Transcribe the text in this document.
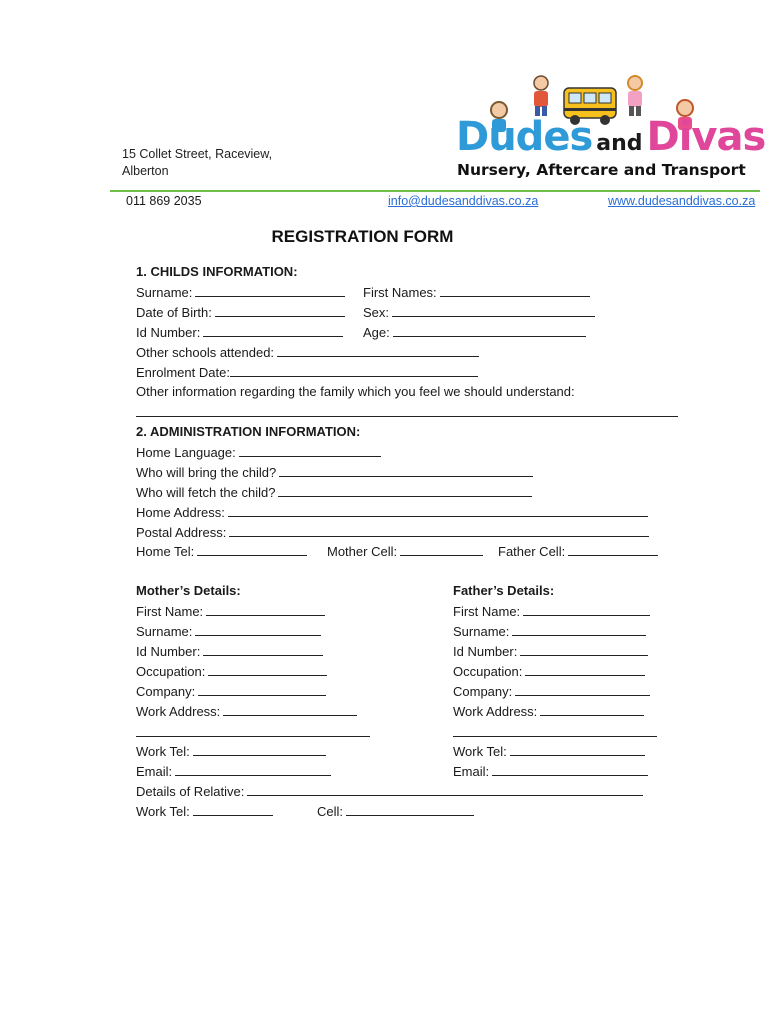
15 Collet Street, Raceview,
Alberton
Dudes and Divas
Nursery, Aftercare and Transport
011 869 2035	info@dudesanddivas.co.za	www.dudesanddivas.co.za
REGISTRATION FORM
1. CHILDS INFORMATION:
Surname:	First Names:
Date of Birth:	Sex:
Id Number:	Age:
Other schools attended:
Enrolment Date:
Other information regarding the family which you feel we should understand:
2. ADMINISTRATION INFORMATION:
Home Language:
Who will bring the child?
Who will fetch the child?
Home Address:
Postal Address:
Home Tel:	Mother Cell:	Father Cell:
Mother’s Details:
First Name:
Surname:
Id Number:
Occupation:
Company:
Work Address:
Work Tel:
Email:
Father’s Details:
First Name:
Surname:
Id Number:
Occupation:
Company:
Work Address:
Work Tel:
Email:
Details of Relative:
Work Tel:	Cell:
